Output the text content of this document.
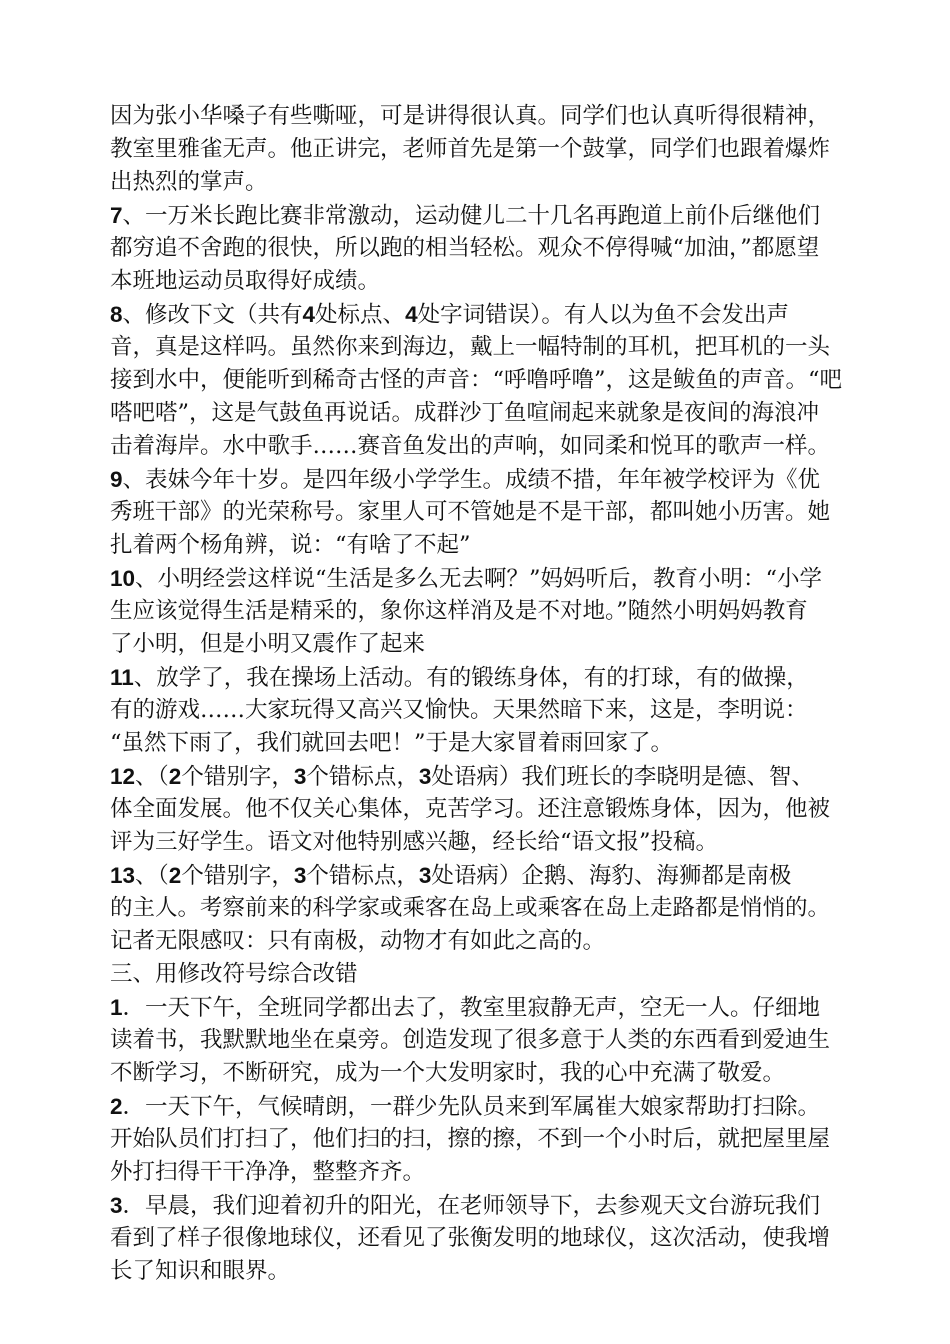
因为张小华嗓子有些嘶哑，可是讲得很认真。同学们也认真听得很精神，
教室里雅雀无声。他正讲完，老师首先是第一个鼓掌，同学们也跟着爆炸
出热烈的掌声。
7、一万米长跑比赛非常激动，运动健儿二十几名再跑道上前仆后继他们
都穷追不舍跑的很快，所以跑的相当轻松。观众不停得喊“加油，”都愿望
本班地运动员取得好成绩。
8、修改下文（共有4处标点、4处字词错误）。有人以为鱼不会发出声
音，真是这样吗。虽然你来到海边，戴上一幅特制的耳机，把耳机的一头
接到水中，便能听到稀奇古怪的声音：“呼噜呼噜”，这是鲅鱼的声音。“吧
嗒吧嗒”，这是气鼓鱼再说话。成群沙丁鱼喧闹起来就象是夜间的海浪冲
击着海岸。水中歌手……赛音鱼发出的声响，如同柔和悦耳的歌声一样。
9、表妹今年十岁。是四年级小学学生。成绩不措，年年被学校评为《优
秀班干部》的光荣称号。家里人可不管她是不是干部，都叫她小历害。她
扎着两个杨角辨，说：“有啥了不起”
10、小明经尝这样说“生活是多么无去啊？”妈妈听后，教育小明：“小学
生应该觉得生活是精采的，象你这样消及是不对地。”随然小明妈妈教育
了小明，但是小明又震作了起来
11、放学了，我在操场上活动。有的锻练身体，有的打球，有的做操，
有的游戏……大家玩得又高兴又愉快。天果然暗下来，这是，李明说：
“虽然下雨了，我们就回去吧！”于是大家冒着雨回家了。
12、（2个错别字，3个错标点，3处语病）我们班长的李晓明是德、智、
体全面发展。他不仅关心集体，克苦学习。还注意锻炼身体，因为，他被
评为三好学生。语文对他特别感兴趣，经长给“语文报”投稿。
13、（2个错别字，3个错标点，3处语病）企鹅、海豹、海狮都是南极
的主人。考察前来的科学家或乘客在岛上或乘客在岛上走路都是悄悄的。
记者无限感叹：只有南极，动物才有如此之高的。
三、用修改符号综合改错
1．一天下午，全班同学都出去了，教室里寂静无声，空无一人。仔细地
读着书，我默默地坐在桌旁。创造发现了很多意于人类的东西看到爱迪生
不断学习，不断研究，成为一个大发明家时，我的心中充满了敬爱。
2．一天下午，气候晴朗，一群少先队员来到军属崔大娘家帮助打扫除。
开始队员们打扫了，他们扫的扫，擦的擦，不到一个小时后，就把屋里屋
外打扫得干干净净，整整齐齐。
3．早晨，我们迎着初升的阳光，在老师领导下，去参观天文台游玩我们
看到了样子很像地球仪，还看见了张衡发明的地球仪，这次活动，使我增
长了知识和眼界。
